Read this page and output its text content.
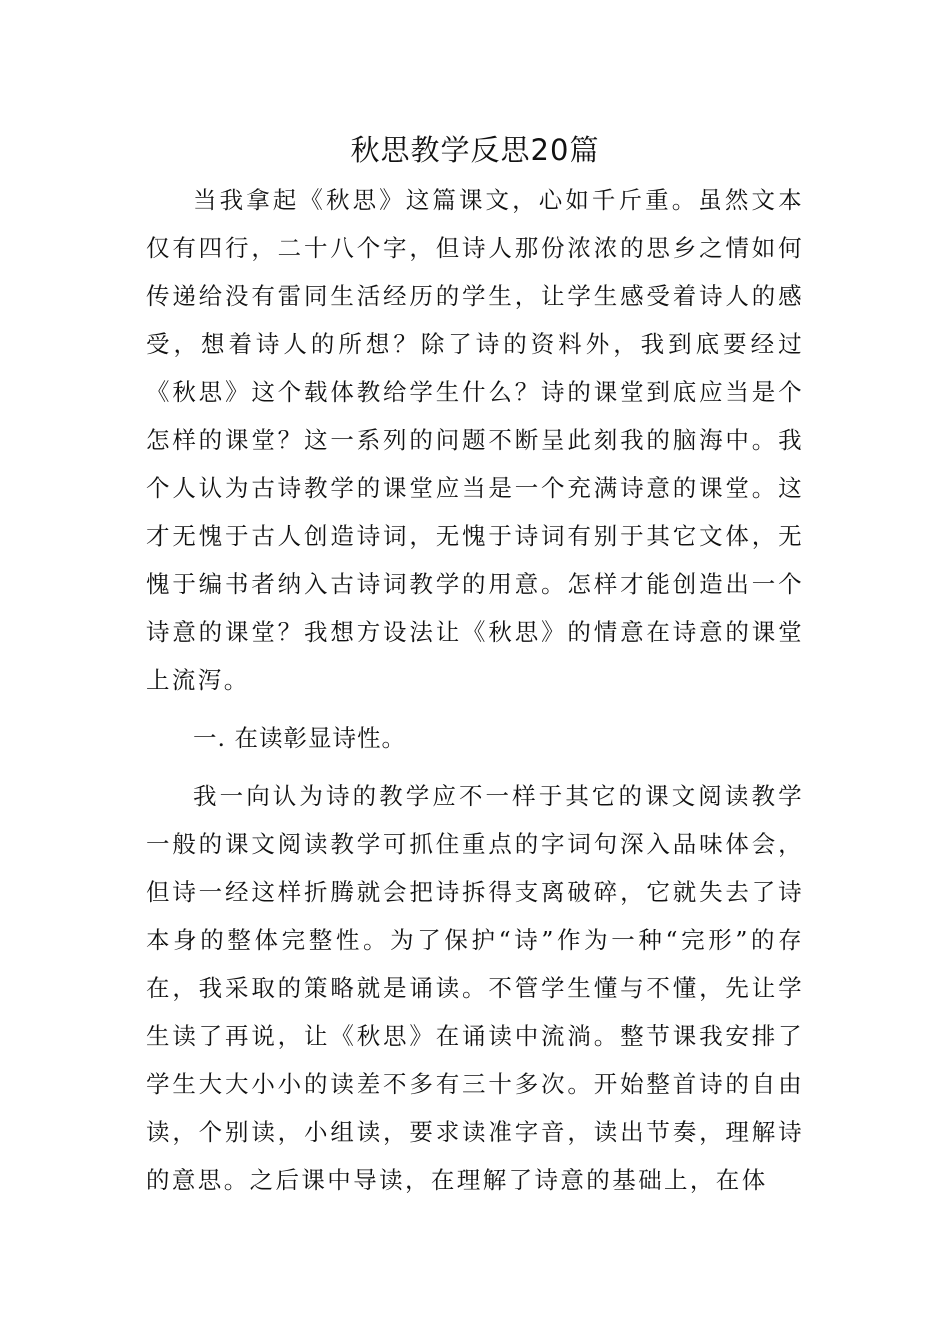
秋思教学反思20篇

当我拿起《秋思》这篇课文，心如千斤重。虽然文本仅有四行，二十八个字，但诗人那份浓浓的思乡之情如何传递给没有雷同生活经历的学生，让学生感受着诗人的感受，想着诗人的所想？除了诗的资料外，我到底要经过《秋思》这个载体教给学生什么？诗的课堂到底应当是个怎样的课堂？这一系列的问题不断呈此刻我的脑海中。我个人认为古诗教学的课堂应当是一个充满诗意的课堂。这才无愧于古人创造诗词，无愧于诗词有别于其它文体，无愧于编书者纳入古诗词教学的用意。怎样才能创造出一个诗意的课堂？我想方设法让《秋思》的情意在诗意的课堂上流泻。

一. 在读彰显诗性。

我一向认为诗的教学应不一样于其它的课文阅读教学一般的课文阅读教学可抓住重点的字词句深入品味体会，但诗一经这样折腾就会把诗拆得支离破碎，它就失去了诗本身的整体完整性。为了保护“诗”作为一种“完形”的存在，我采取的策略就是诵读。不管学生懂与不懂，先让学生读了再说，让《秋思》在诵读中流淌。整节课我安排了学生大大小小的读差不多有三十多次。开始整首诗的自由读，个别读，小组读，要求读准字音，读出节奏，理解诗的意思。之后课中导读，在理解了诗意的基础上，在体
